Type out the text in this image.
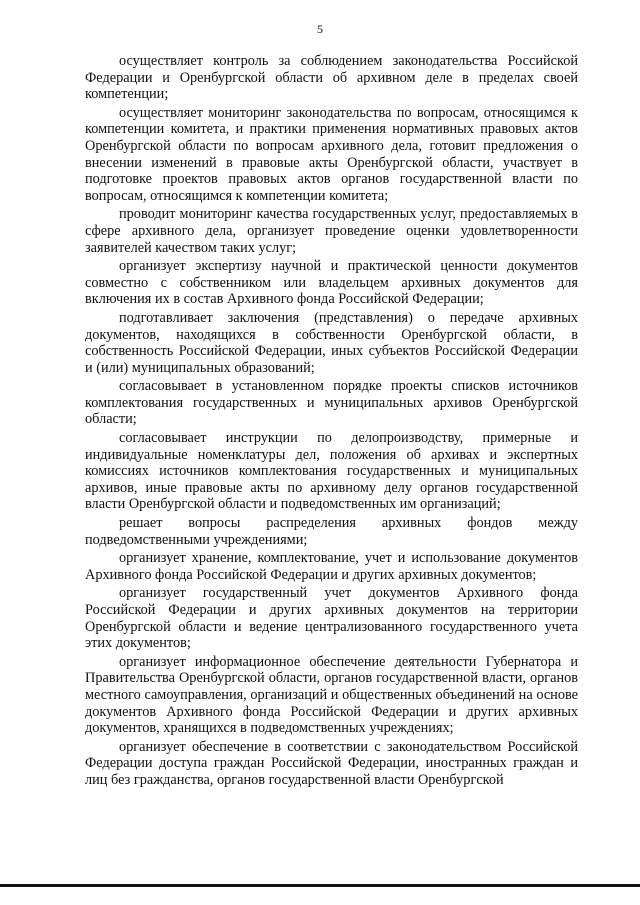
5

осуществляет контроль за соблюдением законодательства Российской Федерации и Оренбургской области об архивном деле в пределах своей компетенции;

осуществляет мониторинг законодательства по вопросам, относящимся к компетенции комитета, и практики применения нормативных правовых актов Оренбургской области по вопросам архивного дела, готовит предложения о внесении изменений в правовые акты Оренбургской области, участвует в подготовке проектов правовых актов органов государственной власти по вопросам, относящимся к компетенции комитета;

проводит мониторинг качества государственных услуг, предоставляемых в сфере архивного дела, организует проведение оценки удовлетворенности заявителей качеством таких услуг;

организует экспертизу научной и практической ценности документов совместно с собственником или владельцем архивных документов для включения их в состав Архивного фонда Российской Федерации;

подготавливает заключения (представления) о передаче архивных документов, находящихся в собственности Оренбургской области, в собственность Российской Федерации, иных субъектов Российской Федерации и (или) муниципальных образований;

согласовывает в установленном порядке проекты списков источников комплектования государственных и муниципальных архивов Оренбургской области;

согласовывает инструкции по делопроизводству, примерные и индивидуальные номенклатуры дел, положения об архивах и экспертных комиссиях источников комплектования государственных и муниципальных архивов, иные правовые акты по архивному делу органов государственной власти Оренбургской области и подведомственных им организаций;

решает вопросы распределения архивных фондов между подведомственными учреждениями;

организует хранение, комплектование, учет и использование документов Архивного фонда Российской Федерации и других архивных документов;

организует государственный учет документов Архивного фонда Российской Федерации и других архивных документов на территории Оренбургской области и ведение централизованного государственного учета этих документов;

организует информационное обеспечение деятельности Губернатора и Правительства Оренбургской области, органов государственной власти, органов местного самоуправления, организаций и общественных объединений на основе документов Архивного фонда Российской Федерации и других архивных документов, хранящихся в подведомственных учреждениях;

организует обеспечение в соответствии с законодательством Российской Федерации доступа граждан Российской Федерации, иностранных граждан и лиц без гражданства, органов государственной власти Оренбургской
